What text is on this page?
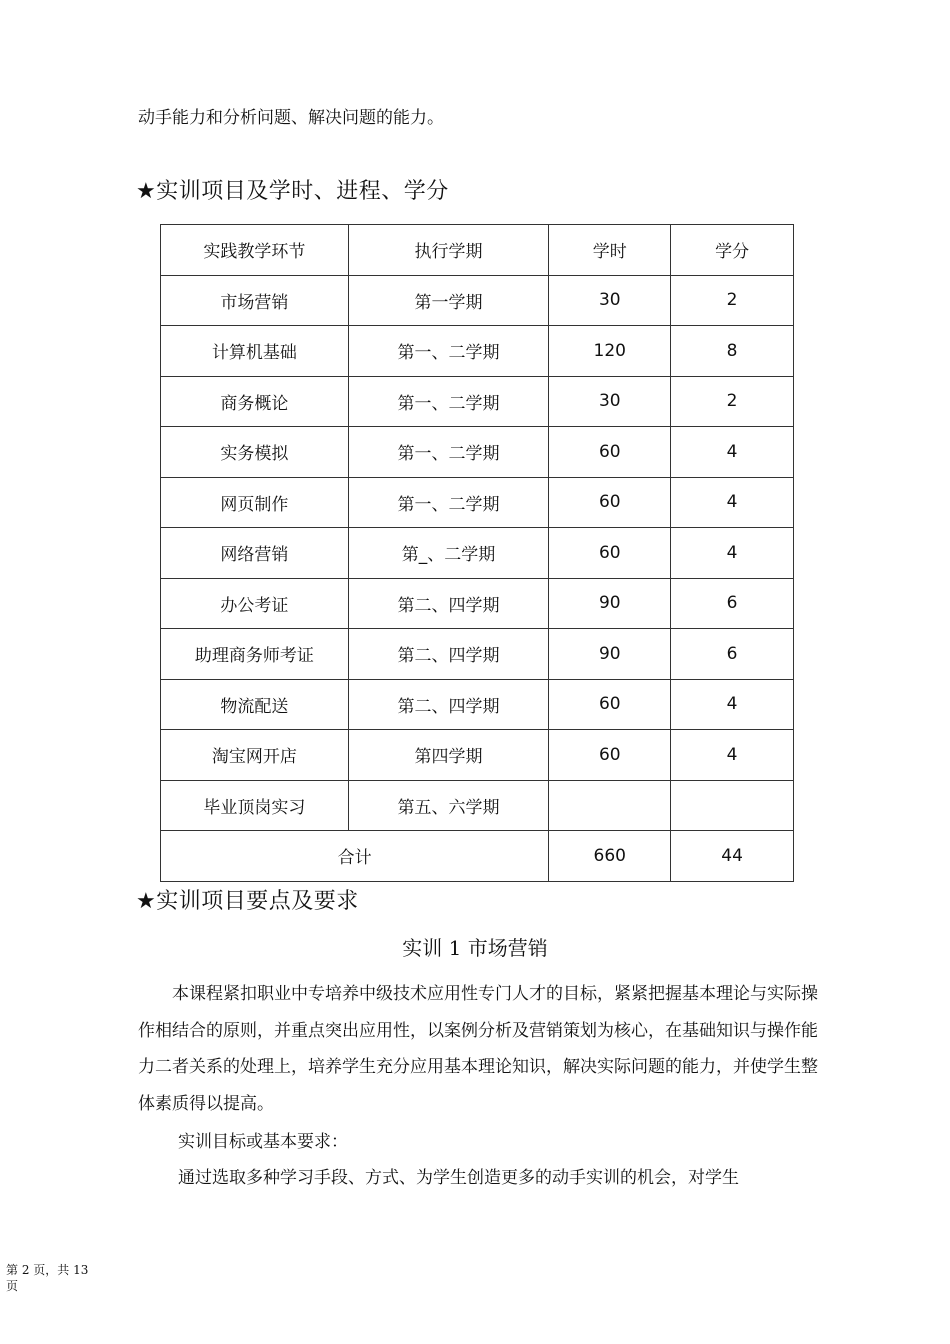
动手能力和分析问题、解决问题的能力。

★实训项目及学时、进程、学分
实践教学环节	执行学期	学时	学分
市场营销	第一学期	30	2
计算机基础	第一、二学期	120	8
商务概论	第一、二学期	30	2
实务模拟	第一、二学期	60	4
网页制作	第一、二学期	60	4
网络营销	第_、二学期	60	4
办公考证	第二、四学期	90	6
助理商务师考证	第二、四学期	90	6
物流配送	第二、四学期	60	4
淘宝网开店	第四学期	60	4
毕业顶岗实习	第五、六学期		
合计		660	44
★实训项目要点及要求
实训 1 市场营销

本课程紧扣职业中专培养中级技术应用性专门人才的目标，紧紧把握基本理论与实际操作相结合的原则，并重点突出应用性，以案例分析及营销策划为核心，在基础知识与操作能力二者关系的处理上，培养学生充分应用基本理论知识，解决实际问题的能力，并使学生整体素质得以提高。

实训目标或基本要求：

通过选取多种学习手段、方式、为学生创造更多的动手实训的机会，对学生

第 2 页，共 13 页
